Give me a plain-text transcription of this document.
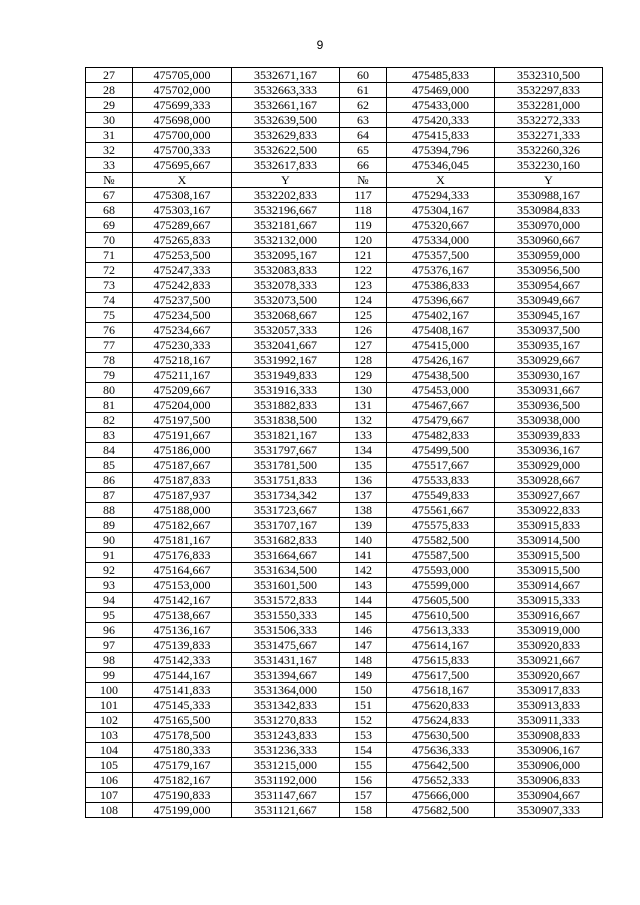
9
27	475705,000	3532671,167	60	475485,833	3532310,500
28	475702,000	3532663,333	61	475469,000	3532297,833
29	475699,333	3532661,167	62	475433,000	3532281,000
30	475698,000	3532639,500	63	475420,333	3532272,333
31	475700,000	3532629,833	64	475415,833	3532271,333
32	475700,333	3532622,500	65	475394,796	3532260,326
33	475695,667	3532617,833	66	475346,045	3532230,160
№	X	Y	№	X	Y
67	475308,167	3532202,833	117	475294,333	3530988,167
68	475303,167	3532196,667	118	475304,167	3530984,833
69	475289,667	3532181,667	119	475320,667	3530970,000
70	475265,833	3532132,000	120	475334,000	3530960,667
71	475253,500	3532095,167	121	475357,500	3530959,000
72	475247,333	3532083,833	122	475376,167	3530956,500
73	475242,833	3532078,333	123	475386,833	3530954,667
74	475237,500	3532073,500	124	475396,667	3530949,667
75	475234,500	3532068,667	125	475402,167	3530945,167
76	475234,667	3532057,333	126	475408,167	3530937,500
77	475230,333	3532041,667	127	475415,000	3530935,167
78	475218,167	3531992,167	128	475426,167	3530929,667
79	475211,167	3531949,833	129	475438,500	3530930,167
80	475209,667	3531916,333	130	475453,000	3530931,667
81	475204,000	3531882,833	131	475467,667	3530936,500
82	475197,500	3531838,500	132	475479,667	3530938,000
83	475191,667	3531821,167	133	475482,833	3530939,833
84	475186,000	3531797,667	134	475499,500	3530936,167
85	475187,667	3531781,500	135	475517,667	3530929,000
86	475187,833	3531751,833	136	475533,833	3530928,667
87	475187,937	3531734,342	137	475549,833	3530927,667
88	475188,000	3531723,667	138	475561,667	3530922,833
89	475182,667	3531707,167	139	475575,833	3530915,833
90	475181,167	3531682,833	140	475582,500	3530914,500
91	475176,833	3531664,667	141	475587,500	3530915,500
92	475164,667	3531634,500	142	475593,000	3530915,500
93	475153,000	3531601,500	143	475599,000	3530914,667
94	475142,167	3531572,833	144	475605,500	3530915,333
95	475138,667	3531550,333	145	475610,500	3530916,667
96	475136,167	3531506,333	146	475613,333	3530919,000
97	475139,833	3531475,667	147	475614,167	3530920,833
98	475142,333	3531431,167	148	475615,833	3530921,667
99	475144,167	3531394,667	149	475617,500	3530920,667
100	475141,833	3531364,000	150	475618,167	3530917,833
101	475145,333	3531342,833	151	475620,833	3530913,833
102	475165,500	3531270,833	152	475624,833	3530911,333
103	475178,500	3531243,833	153	475630,500	3530908,833
104	475180,333	3531236,333	154	475636,333	3530906,167
105	475179,167	3531215,000	155	475642,500	3530906,000
106	475182,167	3531192,000	156	475652,333	3530906,833
107	475190,833	3531147,667	157	475666,000	3530904,667
108	475199,000	3531121,667	158	475682,500	3530907,333
